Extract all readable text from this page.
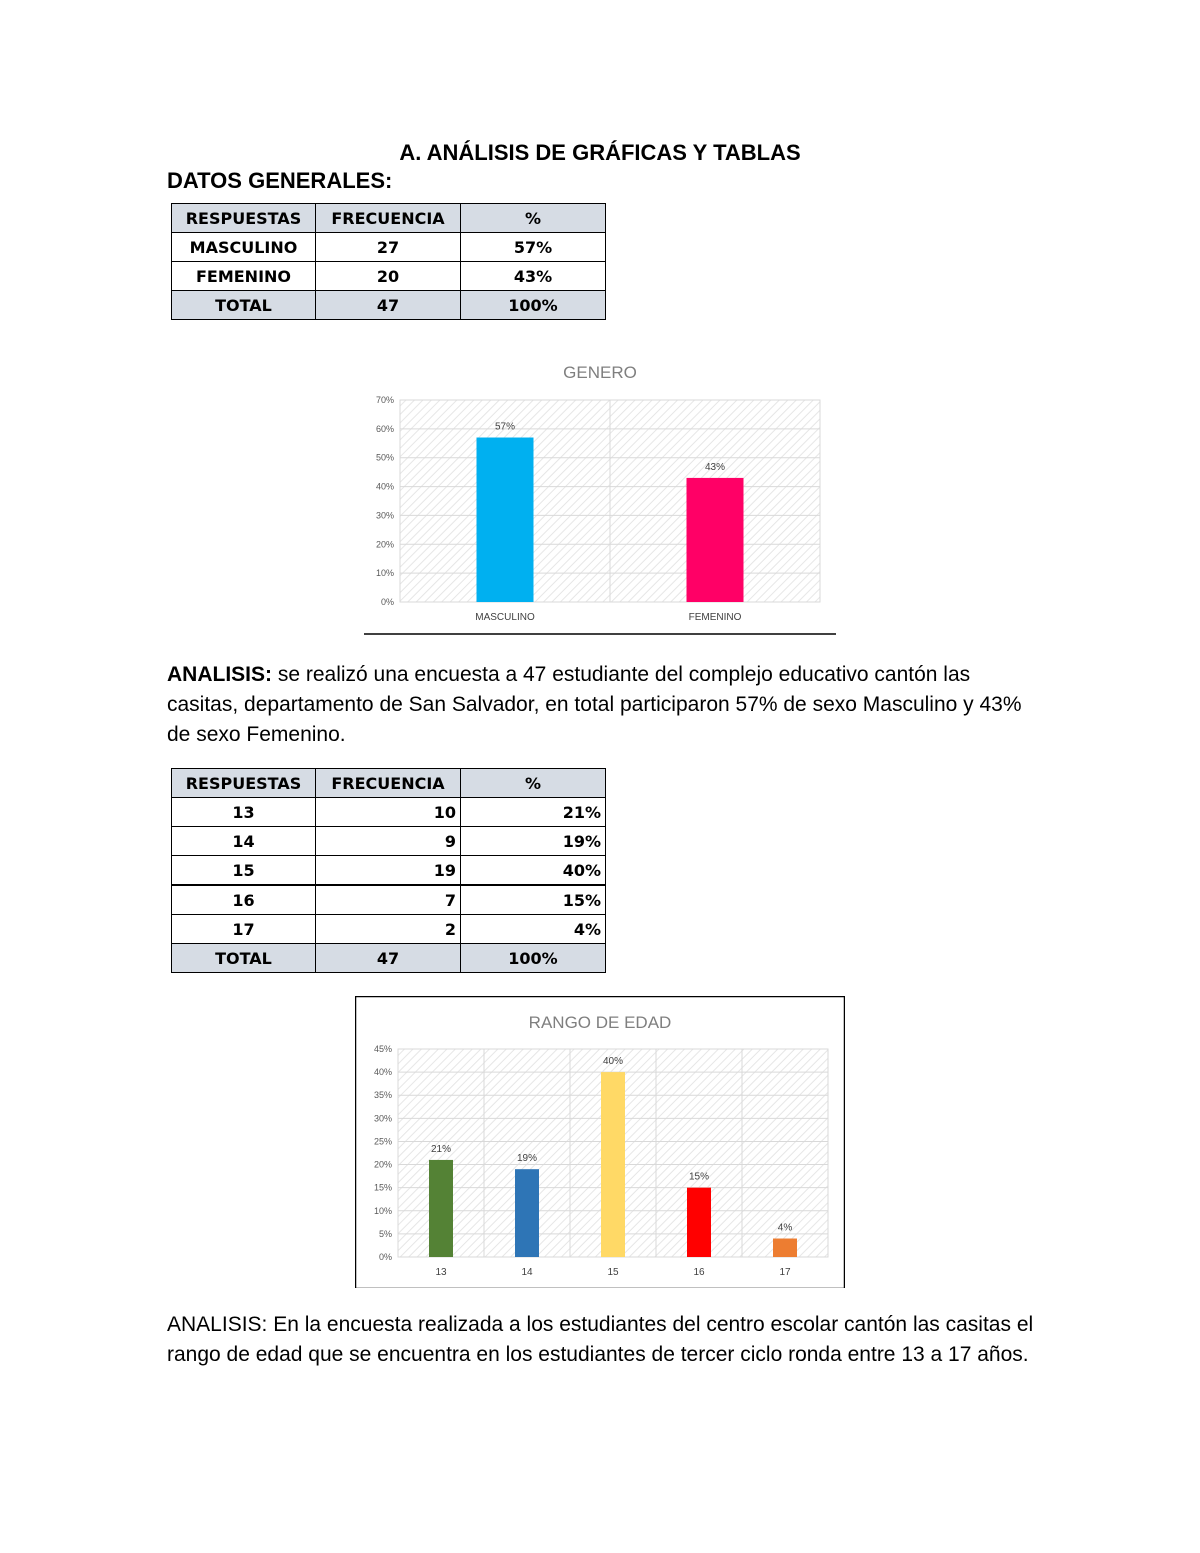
A. ANÁLISIS DE GRÁFICAS Y TABLAS
DATOS GENERALES:
RESPUESTAS	FRECUENCIA	%
MASCULINO	27	57%
FEMENINO	20	43%
TOTAL	47	100%
GENERO
0%
10%
20%
30%
40%
50%
60%
70%
57%
MASCULINO
43%
FEMENINO
ANALISIS: se realizó una encuesta a 47 estudiante del complejo educativo cantón las casitas, departamento de San Salvador, en total participaron 57% de sexo Masculino y 43% de sexo Femenino.
RESPUESTAS	FRECUENCIA	%
13	10	21%
14	9	19%
15	19	40%
16	7	15%
17	2	4%
TOTAL	47	100%
RANGO DE EDAD
0%
5%
10%
15%
20%
25%
30%
35%
40%
45%
21%
13
19%
14
40%
15
15%
16
4%
17
ANALISIS: En la encuesta realizada a los estudiantes del centro escolar cantón las casitas el rango de edad que se encuentra en los estudiantes de tercer ciclo ronda entre 13 a 17 años.
